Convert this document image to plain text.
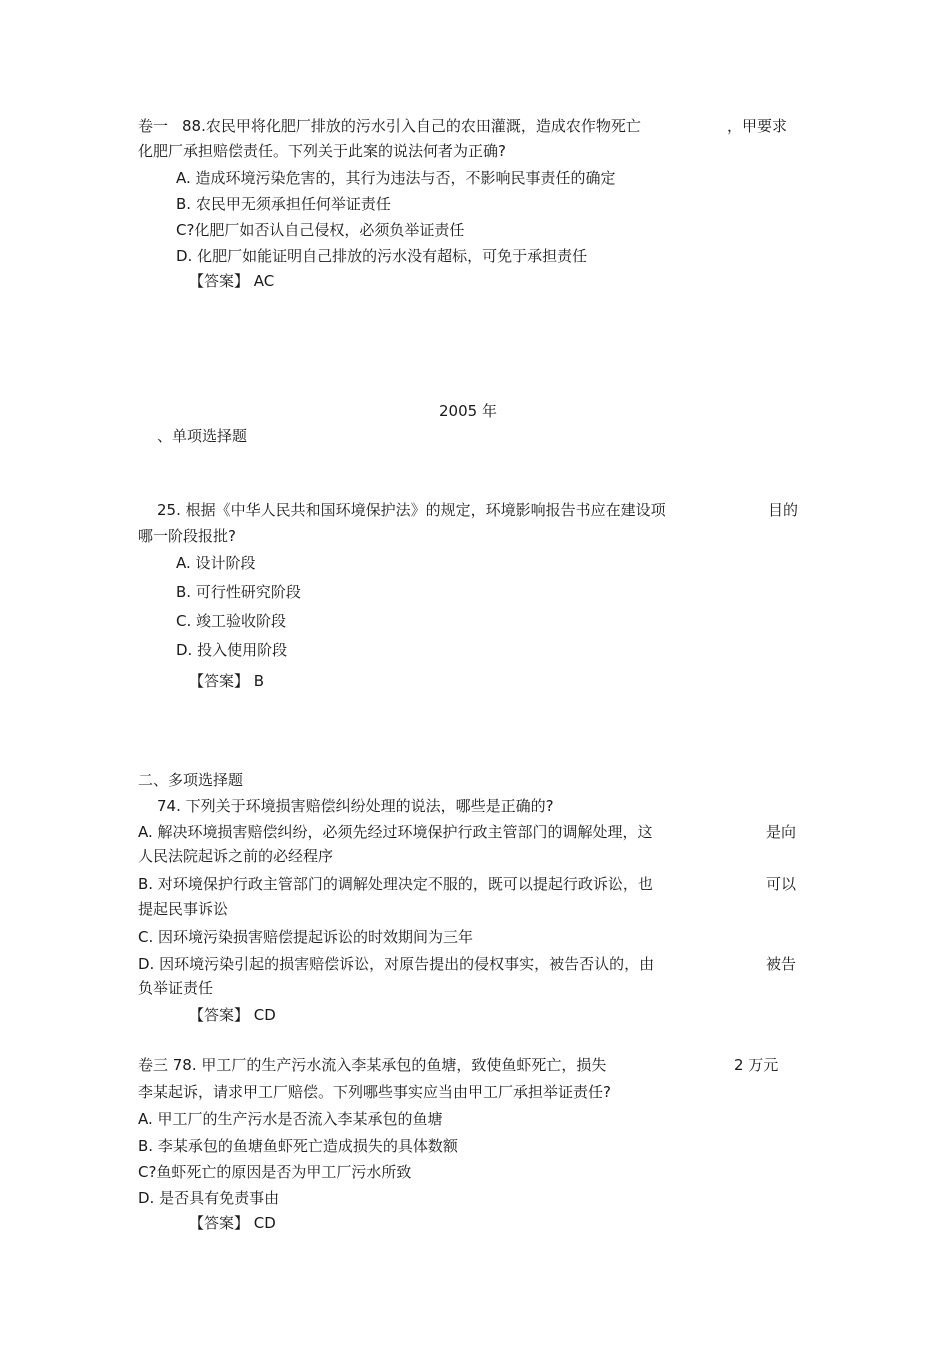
卷一 88.农民甲将化肥厂排放的污水引入自己的农田灌溉，造成农作物死亡	，甲要求
化肥厂承担赔偿责任。下列关于此案的说法何者为正确?
A. 造成环境污染危害的，其行为违法与否，不影响民事责任的确定
B. 农民甲无须承担任何举证责任
C?化肥厂如否认自己侵权，必须负举证责任
D. 化肥厂如能证明自己排放的污水没有超标，可免于承担责任
【答案】 AC
2005 年
、单项选择题
25. 根据《中华人民共和国环境保护法》的规定，环境影响报告书应在建设项	目的
哪一阶段报批?
A. 设计阶段
B. 可行性研究阶段
C. 竣工验收阶段
D. 投入使用阶段
【答案】 B
二、多项选择题
74. 下列关于环境损害赔偿纠纷处理的说法，哪些是正确的?
A. 解决环境损害赔偿纠纷，必须先经过环境保护行政主管部门的调解处理，这	是向
人民法院起诉之前的必经程序
B. 对环境保护行政主管部门的调解处理决定不服的，既可以提起行政诉讼，也	可以
提起民事诉讼
C. 因环境污染损害赔偿提起诉讼的时效期间为三年
D. 因环境污染引起的损害赔偿诉讼，对原告提出的侵权事实，被告否认的，由	被告
负举证责任
【答案】 CD
卷三 78. 甲工厂的生产污水流入李某承包的鱼塘，致使鱼虾死亡，损失	2 万元
李某起诉，请求甲工厂赔偿。下列哪些事实应当由甲工厂承担举证责任?
A. 甲工厂的生产污水是否流入李某承包的鱼塘
B. 李某承包的鱼塘鱼虾死亡造成损失的具体数额
C?鱼虾死亡的原因是否为甲工厂污水所致
D. 是否具有免责事由
【答案】 CD
